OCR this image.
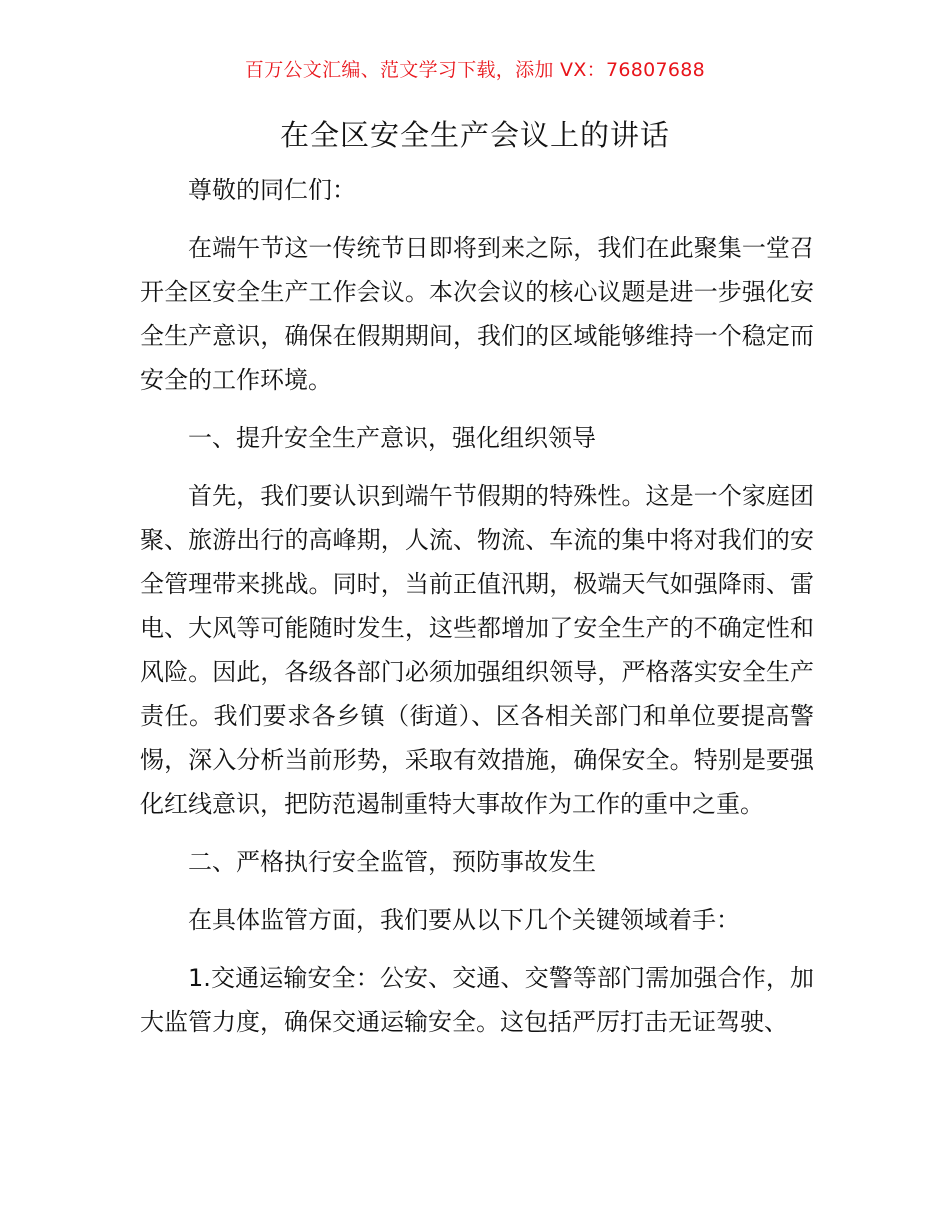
百万公文汇编、范文学习下载，添加 VX：76807688
在全区安全生产会议上的讲话

尊敬的同仁们：

在端午节这一传统节日即将到来之际，我们在此聚集一堂召开全区安全生产工作会议。本次会议的核心议题是进一步强化安全生产意识，确保在假期期间，我们的区域能够维持一个稳定而安全的工作环境。

一、提升安全生产意识，强化组织领导

首先，我们要认识到端午节假期的特殊性。这是一个家庭团聚、旅游出行的高峰期，人流、物流、车流的集中将对我们的安全管理带来挑战。同时，当前正值汛期，极端天气如强降雨、雷电、大风等可能随时发生，这些都增加了安全生产的不确定性和风险。因此，各级各部门必须加强组织领导，严格落实安全生产责任。我们要求各乡镇（街道）、区各相关部门和单位要提高警惕，深入分析当前形势，采取有效措施，确保安全。特别是要强化红线意识，把防范遏制重特大事故作为工作的重中之重。

二、严格执行安全监管，预防事故发生

在具体监管方面，我们要从以下几个关键领域着手：

1.交通运输安全：公安、交通、交警等部门需加强合作，加大监管力度，确保交通运输安全。这包括严厉打击无证驾驶、
